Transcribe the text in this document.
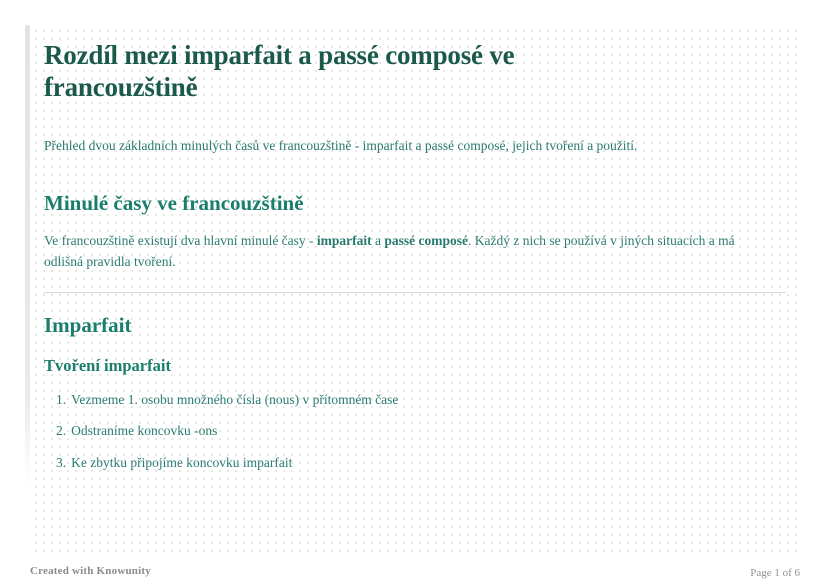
Rozdíl mezi imparfait a passé composé ve francouzštině

Přehled dvou základních minulých časů ve francouzštině - imparfait a passé composé, jejich tvoření a použití.

Minulé časy ve francouzštině

Ve francouzštině existují dva hlavní minulé časy - imparfait a passé composé. Každý z nich se používá v jiných situacích a má odlišná pravidla tvoření.

Imparfait
Tvoření imparfait
1. Vezmeme 1. osobu množného čísla (nous) v přítomném čase
2. Odstraníme koncovku -ons
3. Ke zbytku připojíme koncovku imparfait
Created with Knowunity	Page 1 of 6
